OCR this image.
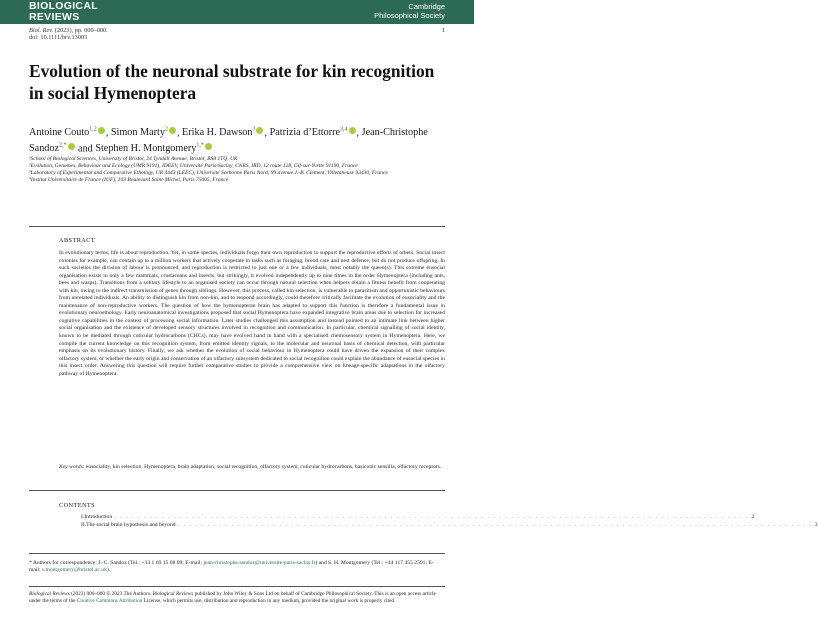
BIOLOGICAL
REVIEWS
Cambridge
Philosophical Society
Biol. Rev. (2023), pp. 000–000.
doi: 10.1111/brv.13003
1
Evolution of the neuronal substrate for kin recognition in social Hymenoptera
Antoine Couto$^{1,2}$ , Simon Marty$^2$ , Erika H. Dawson$^3$ , Patrizia d’Ettorre$^{3,4}$ , Jean-Christophe Sandoz$^{2,*}$ and Stephen H. Montgomery$^{1,*}$
¹School of Biological Sciences, University of Bristol, 24 Tyndall Avenue, Bristol, BS8 1TQ, UK
²Evolution, Genomes, Behaviour and Ecology (UMR 9191), IDEEV, Université Paris-Saclay, CNRS, IRD, 12 route 128, Gif-sur-Yvette 91190, France
³Laboratory of Experimental and Comparative Ethology, UR 4443 (LEEC), Université Sorbonne Paris Nord, 99 avenue J.-B. Clément, Villetaneuse 93430, France
⁴Institut Universitaire de France (IUF), 103 Boulevard Saint-Michel, Paris 75005, France
ABSTRACT

In evolutionary terms, life is about reproduction. Yet, in some species, individuals forgo their own reproduction to support the reproductive efforts of others. Social insect colonies for example, can contain up to a million workers that actively cooperate in tasks such as foraging, brood care and nest defence, but do not produce offspring. In such societies the division of labour is pronounced, and reproduction is restricted to just one or a few individuals, most notably the queen(s). This extreme eusocial organisation exists in only a few mammals, crustaceans and insects, but strikingly, it evolved independently up to nine times in the order Hymenoptera (including ants, bees and wasps). Transitions from a solitary lifestyle to an organised society can occur through natural selection when helpers obtain a fitness benefit from cooperating with kin, owing to the indirect transmission of genes through siblings. However, this process, called kin selection, is vulnerable to parasitism and opportunistic behaviours from unrelated individuals. An ability to distinguish kin from non-kin, and to respond accordingly, could therefore critically facilitate the evolution of eusociality and the maintenance of non-reproductive workers. The question of how the hymenopteran brain has adapted to support this function is therefore a fundamental issue in evolutionary neuroethology. Early neuroanatomical investigations proposed that social Hymenoptera have expanded integrative brain areas due to selection for increased cognitive capabilities in the context of processing social information. Later studies challenged this assumption and instead pointed to an intimate link between higher social organisation and the existence of developed sensory structures involved in recognition and communication. In particular, chemical signalling of social identity, known to be mediated through cuticular hydrocarbons (CHCs), may have evolved hand in hand with a specialised chemosensory system in Hymenoptera. Here, we compile the current knowledge on this recognition system, from emitted identity signals, to the molecular and neuronal basis of chemical detection, with particular emphasis on its evolutionary history. Finally, we ask whether the evolution of social behaviour in Hymenoptera could have driven the expansion of their complex olfactory system, or whether the early origin and conservation of an olfactory subsystem dedicated to social recognition could explain the abundance of eusocial species in this insect order. Answering this question will require further comparative studies to provide a comprehensive view on lineage-specific adaptations in the olfactory pathway of Hymenoptera.

Key words: eusociality, kin selection, Hymenoptera, brain adaptation, social recognition, olfactory system, cuticular hydrocarbons, basiconic sensilla, olfactory receptors.
CONTENTS
I. Introduction . . . . . . . . . . . . . . . . . . . . . . . . . . . . . . . . . . . . . . . . . . . . . . . . . . . . . . . . . . . . . . . . . . . . . . . . . . . . . . . . . . . . . . . . . . . . . . . . . . . . . . . . . . 2
II. The social brain hypothesis and beyond . . . . . . . . . . . . . . . . . . . . . . . . . . . . . . . . . . . . . . . . . . . . . . . . . . . . . . . . . . . . . . . . . . . . . . . . . . . . . . . . . . . . . . . . . . . . . . . . . . . . . . . . . . 3
* Authors for correspondence: J.-C. Sandoz (Tel.: +33 1 69 15 68 09; E-mail: jean-christophe.sandoz@universite-paris-saclay.fr) and S. H. Montgomery (Tel.: +44 117 455 2591; E-mail: s.montgomery@bristol.ac.uk).
Biological Reviews (2023) 000–000 © 2023 The Authors. Biological Reviews published by John Wiley & Sons Ltd on behalf of Cambridge Philosophical Society. This is an open access article under the terms of the Creative Commons Attribution License, which permits use, distribution and reproduction in any medium, provided the original work is properly cited.
